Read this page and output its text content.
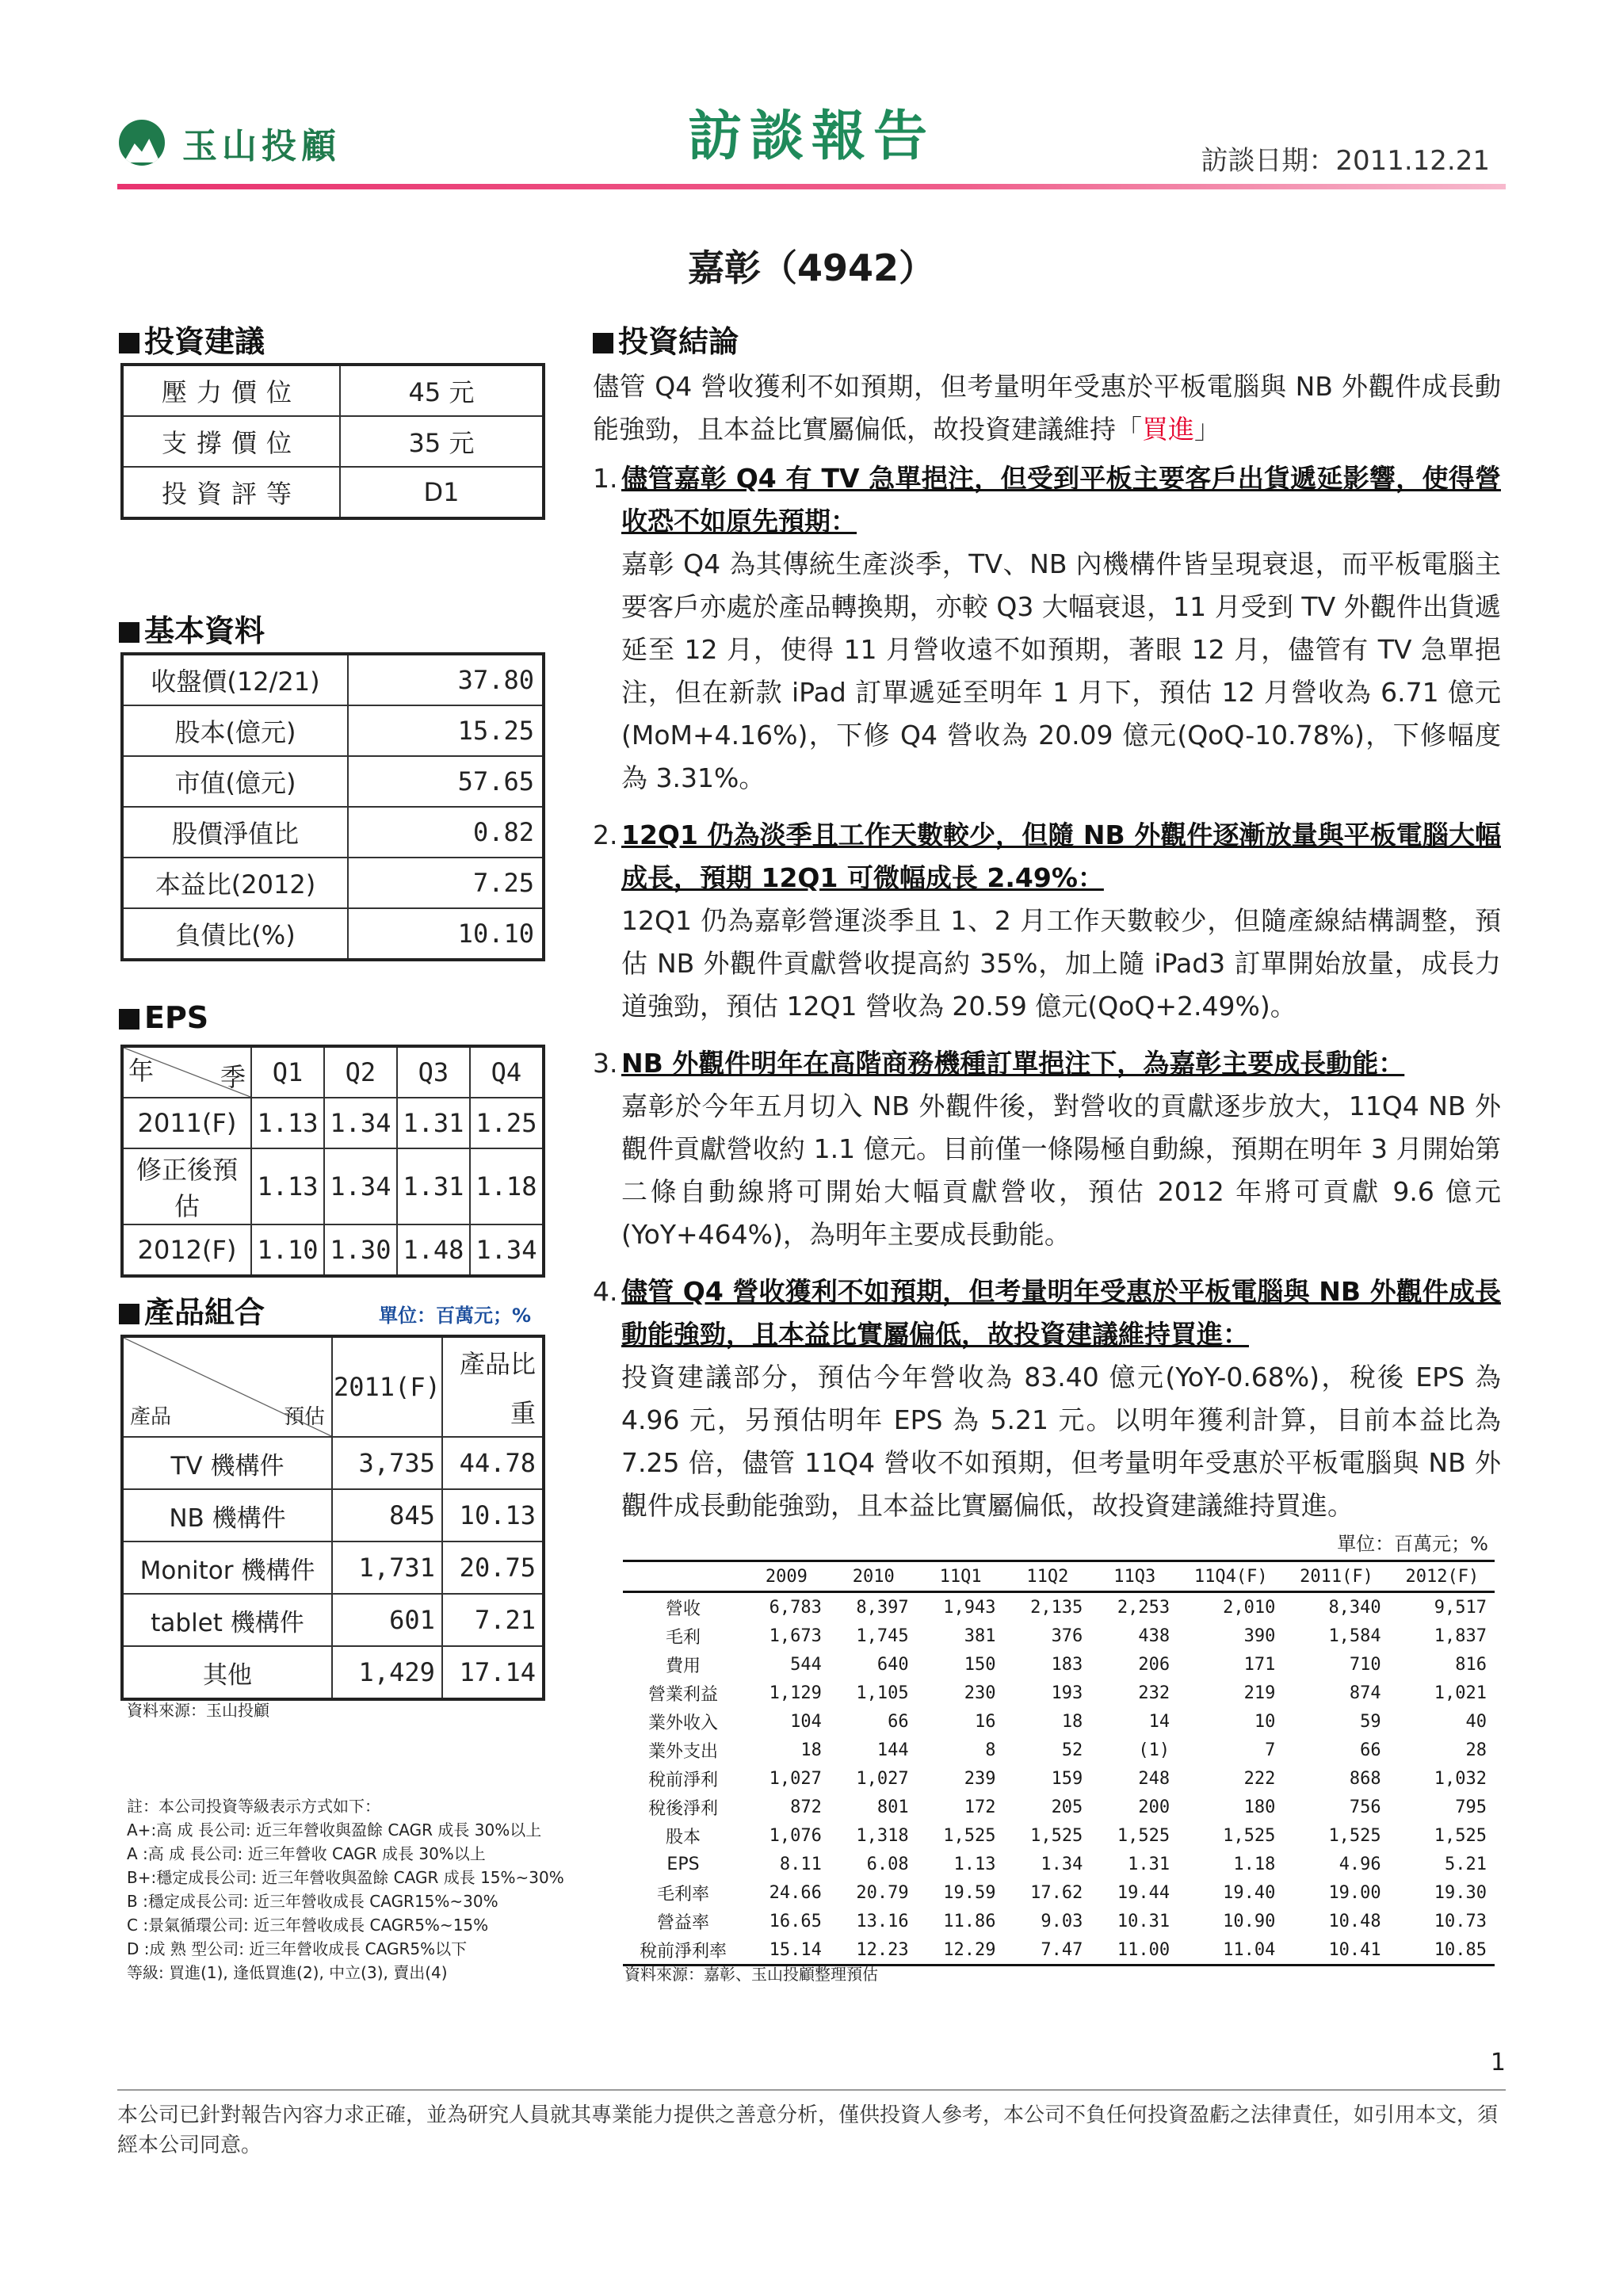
玉山投顧	訪談報告	訪談日期：2011.12.21
嘉彰（4942）
投資建議
壓力價位	45 元
支撐價位	35 元
投資評等	D1
基本資料
收盤價(12/21)	37.80
股本(億元)	15.25
市值(億元)	57.65
股價淨值比	0.82
本益比(2012)	7.25
負債比(%)	10.10
EPS
年 季	Q1	Q2	Q3	Q4
2011(F)	1.13	1.34	1.31	1.25
修正後預估	1.13	1.34	1.31	1.18
2012(F)	1.10	1.30	1.48	1.34
產品組合	單位：百萬元；%
產品 預估	2011(F)	產品比
		重
TV 機構件	3,735	44.78
NB 機構件	845	10.13
Monitor 機構件	1,731	20.75
tablet 機構件	601	7.21
其他	1,429	17.14
資料來源：玉山投顧
註：本公司投資等級表示方式如下：
A+:高 成 長公司: 近三年營收與盈餘 CAGR 成長 30%以上
A :高 成 長公司: 近三年營收 CAGR 成長 30%以上
B+:穩定成長公司: 近三年營收與盈餘 CAGR 成長 15%~30%
B :穩定成長公司: 近三年營收成長 CAGR15%~30%
C :景氣循環公司: 近三年營收成長 CAGR5%~15%
D :成 熟 型公司: 近三年營收成長 CAGR5%以下
等級: 買進(1), 逢低買進(2), 中立(3), 賣出(4)
投資結論
儘管 Q4 營收獲利不如預期，但考量明年受惠於平板電腦與 NB 外觀件成長動能強勁，且本益比實屬偏低，故投資建議維持「買進」
1. 儘管嘉彰 Q4 有 TV 急單挹注，但受到平板主要客戶出貨遞延影響，使得營收恐不如原先預期：
嘉彰 Q4 為其傳統生產淡季，TV、NB 內機構件皆呈現衰退，而平板電腦主要客戶亦處於產品轉換期，亦較 Q3 大幅衰退，11 月受到 TV 外觀件出貨遞延至 12 月，使得 11 月營收遠不如預期，著眼 12 月，儘管有 TV 急單挹注，但在新款 iPad 訂單遞延至明年 1 月下，預估 12 月營收為 6.71 億元(MoM+4.16%)，下修 Q4 營收為 20.09 億元(QoQ-10.78%)，下修幅度為 3.31%。
2. 12Q1 仍為淡季且工作天數較少，但隨 NB 外觀件逐漸放量與平板電腦大幅成長，預期 12Q1 可微幅成長 2.49%：
12Q1 仍為嘉彰營運淡季且 1、2 月工作天數較少，但隨產線結構調整，預估 NB 外觀件貢獻營收提高約 35%，加上隨 iPad3 訂單開始放量，成長力道強勁，預估 12Q1 營收為 20.59 億元(QoQ+2.49%)。
3. NB 外觀件明年在高階商務機種訂單挹注下，為嘉彰主要成長動能：
嘉彰於今年五月切入 NB 外觀件後，對營收的貢獻逐步放大，11Q4 NB 外觀件貢獻營收約 1.1 億元。目前僅一條陽極自動線，預期在明年 3 月開始第二條自動線將可開始大幅貢獻營收，預估 2012 年將可貢獻 9.6 億元(YoY+464%)，為明年主要成長動能。
4. 儘管 Q4 營收獲利不如預期，但考量明年受惠於平板電腦與 NB 外觀件成長動能強勁，且本益比實屬偏低，故投資建議維持買進：
投資建議部分，預估今年營收為 83.40 億元(YoY-0.68%)，稅後 EPS 為 4.96 元，另預估明年 EPS 為 5.21 元。以明年獲利計算，目前本益比為 7.25 倍，儘管 11Q4 營收不如預期，但考量明年受惠於平板電腦與 NB 外觀件成長動能強勁，且本益比實屬偏低，故投資建議維持買進。
單位：百萬元；%
	2009	2010	11Q1	11Q2	11Q3	11Q4(F)	2011(F)	2012(F)
營收	6,783	8,397	1,943	2,135	2,253	2,010	8,340	9,517
毛利	1,673	1,745	381	376	438	390	1,584	1,837
費用	544	640	150	183	206	171	710	816
營業利益	1,129	1,105	230	193	232	219	874	1,021
業外收入	104	66	16	18	14	10	59	40
業外支出	18	144	8	52	(1)	7	66	28
稅前淨利	1,027	1,027	239	159	248	222	868	1,032
稅後淨利	872	801	172	205	200	180	756	795
股本	1,076	1,318	1,525	1,525	1,525	1,525	1,525	1,525
EPS	8.11	6.08	1.13	1.34	1.31	1.18	4.96	5.21
毛利率	24.66	20.79	19.59	17.62	19.44	19.40	19.00	19.30
營益率	16.65	13.16	11.86	9.03	10.31	10.90	10.48	10.73
稅前淨利率	15.14	12.23	12.29	7.47	11.00	11.04	10.41	10.85
資料來源：嘉彰、玉山投顧整理預估
1
本公司已針對報告內容力求正確，並為研究人員就其專業能力提供之善意分析，僅供投資人參考，本公司不負任何投資盈虧之法律責任，如引用本文，須經本公司同意。
